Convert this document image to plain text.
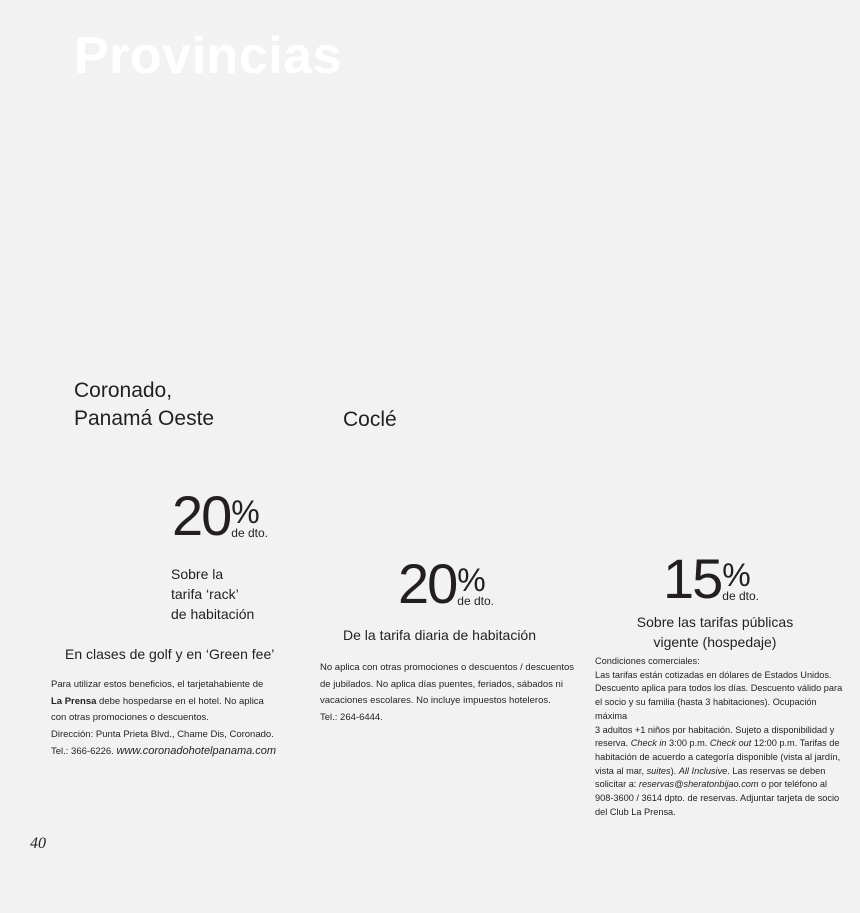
Provincias
Coronado,
Panamá Oeste
20 %
de dto.
Sobre la
tarifa ‘rack’
de habitación
En clases de golf y en ‘Green fee’
Para utilizar estos beneficios, el tarjetahabiente de
La Prensa debe hospedarse en el hotel. No aplica
con otras promociones o descuentos.
Dirección: Punta Prieta Blvd., Chame Dis, Coronado.
Tel.: 366-6226. www.coronadohotelpanama.com
Coclé
20 %
de dto.
De la tarifa diaria de habitación
No aplica con otras promociones o descuentos / descuentos
de jubilados. No aplica días puentes, feriados, sábados ni
vacaciones escolares. No incluye impuestos hoteleros.
Tel.: 264-6444.
15 %
de dto.
Sobre las tarifas públicas
vigente (hospedaje)
Condiciones comerciales:
Las tarifas están cotizadas en dólares de Estados Unidos.
Descuento aplica para todos los días. Descuento válido para
el socio y su familia (hasta 3 habitaciones). Ocupación máxima
3 adultos +1 niños por habitación. Sujeto a disponibilidad y
reserva. Check in 3:00 p.m. Check out 12:00 p.m. Tarifas de
habitación de acuerdo a categoría disponible (vista al jardín,
vista al mar, suites). All Inclusive. Las reservas se deben
solicitar a: reservas@sheratonbijao.com o por teléfono al
908-3600 / 3614 dpto. de reservas. Adjuntar tarjeta de socio
del Club La Prensa.
40
